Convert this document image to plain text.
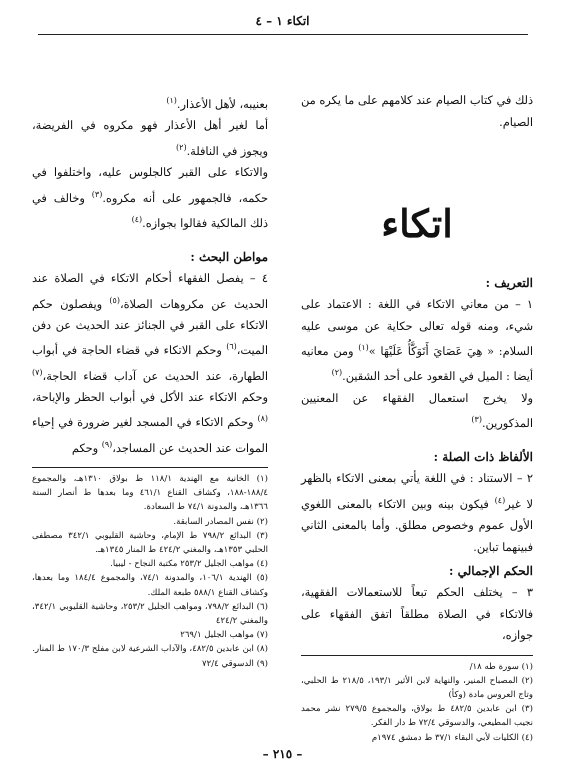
اتكاء ١ – ٤

ذلك في كتاب الصيام عند كلامهم على ما يكره من الصيام.

اتكاء

التعريف :

١ – من معاني الاتكاء في اللغة : الاعتماد على شيء، ومنه قوله تعالى حكاية عن موسى عليه السلام: « هِيَ عَصَايَ أَتَوَكَّأُ عَلَيْهَا »$^{(١)}$ ومن معانيه أيضا : الميل في القعود على أحد الشقين.$^{(٢)}$

ولا يخرج استعمال الفقهاء عن المعنيين المذكورين.$^{(٣)}$

الألفاظ ذات الصلة :

٢ – الاستناد : في اللغة يأتي بمعنى الاتكاء بالظهر لا غير$^{(٤)}$ فيكون بينه وبين الاتكاء بالمعنى اللغوي الأول عموم وخصوص مطلق. وأما بالمعنى الثاني فبينهما تباين.

الحكم الإجمالي :

٣ – يختلف الحكم تبعاً للاستعمالات الفقهية، فالاتكاء في الصلاة مطلقاً اتفق الفقهاء على جوازه،

(١) سورة طه ١٨/

(٢) المصباح المنير، والنهاية لابن الأثير ١٩٣/١، ٢١٨/٥ ط الحلبي، وتاج العروس مادة (وكأ)

(٣) ابن عابدين ٤٨٢/٥ ط بولاق، والمجموع ٢٧٩/٥ نشر محمد نجيب المطيعي، والدسوقي ٧٢/٤ ط دار الفكر.

(٤) الكليات لأبي البقاء ٣٧/١ ط دمشق ١٩٧٤م

بعنيبه، لأهل الأعذار.$^{(١)}$

أما لغير أهل الأعذار فهو مكروه في الفريضة، ويجوز في النافلة.$^{(٢)}$

والاتكاء على القبر كالجلوس عليه، واختلفوا في حكمه، فالجمهور على أنه مكروه.$^{(٣)}$ وخالف في ذلك المالكية فقالوا بجوازه.$^{(٤)}$

مواطن البحث :

٤ – يفصل الفقهاء أحكام الاتكاء في الصلاة عند الحديث عن مكروهات الصلاة،$^{(٥)}$ ويفصلون حكم الاتكاء على القبر في الجنائز عند الحديث عن دفن الميت،$^{(٦)}$ وحكم الاتكاء في قضاء الحاجة في أبواب الطهارة، عند الحديث عن آداب قضاء الحاجة،$^{(٧)}$ وحكم الاتكاء عند الأكل في أبواب الحظر والإباحة،$^{(٨)}$ وحكم الاتكاء في المسجد لغير ضرورة في إحياء الموات عند الحديث عن المساجد،$^{(٩)}$ وحكم

(١) الخانية مع الهندية ١١٨/١ ط بولاق ١٣١٠هـ، والمجموع ١٨٨/٤-١٨٨، وكشاف القناع ٤٦١/١ وما بعدها ط أنصار السنة ١٣٦٦هـ، والمدونة ٧٤/١ ط السعادة.

(٢) نفس المصادر السابقة.

(٣) البدائع ٧٩٨/٢ ط الإمام، وحاشية القليوبي ٣٤٢/١ مصطفى الحلبي ١٣٥٣هـ، والمغني ٤٢٤/٢ ط المنار ١٣٤٥هـ.

(٤) مواهب الجليل ٢٥٣/٢ مكتبة النجاح - ليبيا.

(٥) الهندية ١٠٦/١، والمدونة ٧٤/١، والمجموع ١٨٤/٤ وما بعدها، وكشاف القناع ٥٨٨/١ طبعة الملك.

(٦) البدائع ٧٩٨/٢، ومواهب الجليل ٢٥٣/٢، وحاشية القليوبي ٣٤٢/١، والمغني ٤٢٤/٢

(٧) مواهب الجليل ٢٦٩/١

(٨) ابن عابدين ٤٨٢/٥، والآداب الشرعية لابن مفلح ١٧٠/٣ ط المنار.

(٩) الدسوقي ٧٢/٤

– ٢١٥ –
